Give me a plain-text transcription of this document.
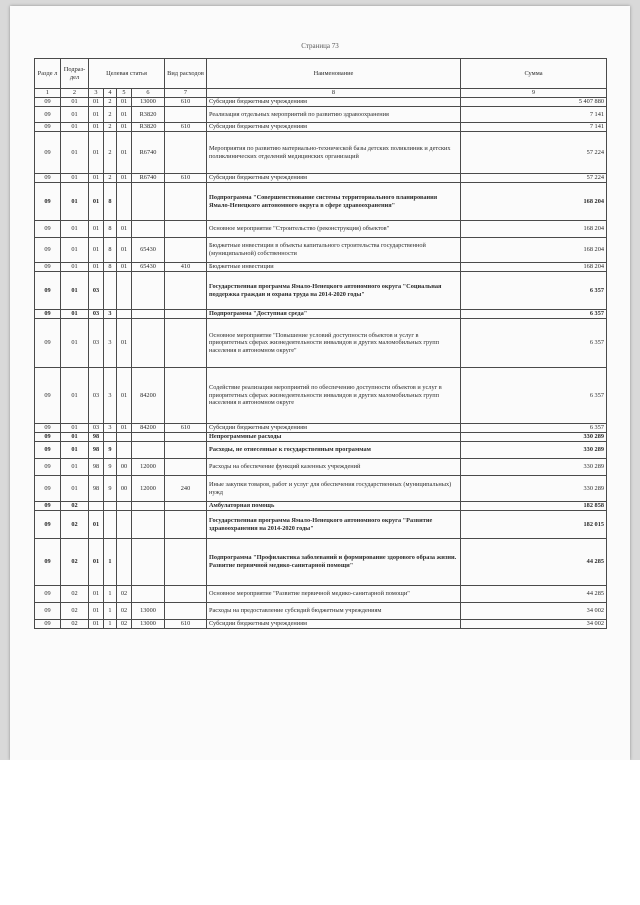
Страница 73
Разде л	Подраз- дел	Целевая статья				Вид расходов	Наименование	Сумма
1	2	3	4	5	6	7	8	9
09	01	01	2	01	13000	610	Субсидии бюджетным учреждениям	5 407 880
09	01	01	2	01	R3820		Реализация отдельных мероприятий по развитию здравоохранения	7 141
09	01	01	2	01	R3820	610	Субсидии бюджетным учреждениям	7 141
09	01	01	2	01	R6740		Мероприятия по развитию материально-технической базы детских поликлиник и детских поликлинических отделений медицинских организаций	57 224
09	01	01	2	01	R6740	610	Субсидии бюджетным учреждениям	57 224
09	01	01	8				Подпрограмма "Совершенствование системы территориального планирования Ямало-Ненецкого автономного округа в сфере здравоохранения"	168 204
09	01	01	8	01			Основное мероприятие "Строительство (реконструкция) объектов"	168 204
09	01	01	8	01	65430		Бюджетные инвестиции в объекты капитального строительства государственной (муниципальной) собственности	168 204
09	01	01	8	01	65430	410	Бюджетные инвестиции	168 204
09	01	03					Государственная программа Ямало-Ненецкого автономного округа "Социальная поддержка граждан и охрана труда на 2014-2020 годы"	6 357
09	01	03	3				Подпрограмма "Доступная среда"	6 357
09	01	03	3	01			Основное мероприятие "Повышение условий доступности объектов и услуг в приоритетных сферах жизнедеятельности инвалидов и других маломобильных групп населения в автономном округе"	6 357
09	01	03	3	01	84200		Содействие реализации мероприятий по обеспечению доступности объектов и услуг в приоритетных сферах жизнедеятельности инвалидов и других маломобильных групп населения в автономном округе	6 357
09	01	03	3	01	84200	610	Субсидии бюджетным учреждениям	6 357
09	01	98					Непрограммные расходы	330 289
09	01	98	9				Расходы, не отнесенные к государственным программам	330 289
09	01	98	9	00	12000		Расходы на обеспечение функций казенных учреждений	330 289
09	01	98	9	00	12000	240	Иные закупки товаров, работ и услуг для обеспечения государственных (муниципальных) нужд	330 289
09	02						Амбулаторная помощь	182 858
09	02	01					Государственная программа Ямало-Ненецкого автономного округа "Развитие здравоохранения на 2014-2020 годы"	182 015
09	02	01	1				Подпрограмма "Профилактика заболеваний и формирование здорового образа жизни. Развитие первичной медико-санитарной помощи"	44 285
09	02	01	1	02			Основное мероприятие "Развитие первичной медико-санитарной помощи"	44 285
09	02	01	1	02	13000		Расходы на предоставление субсидий бюджетным учреждениям	34 002
09	02	01	1	02	13000	610	Субсидии бюджетным учреждениям	34 002
